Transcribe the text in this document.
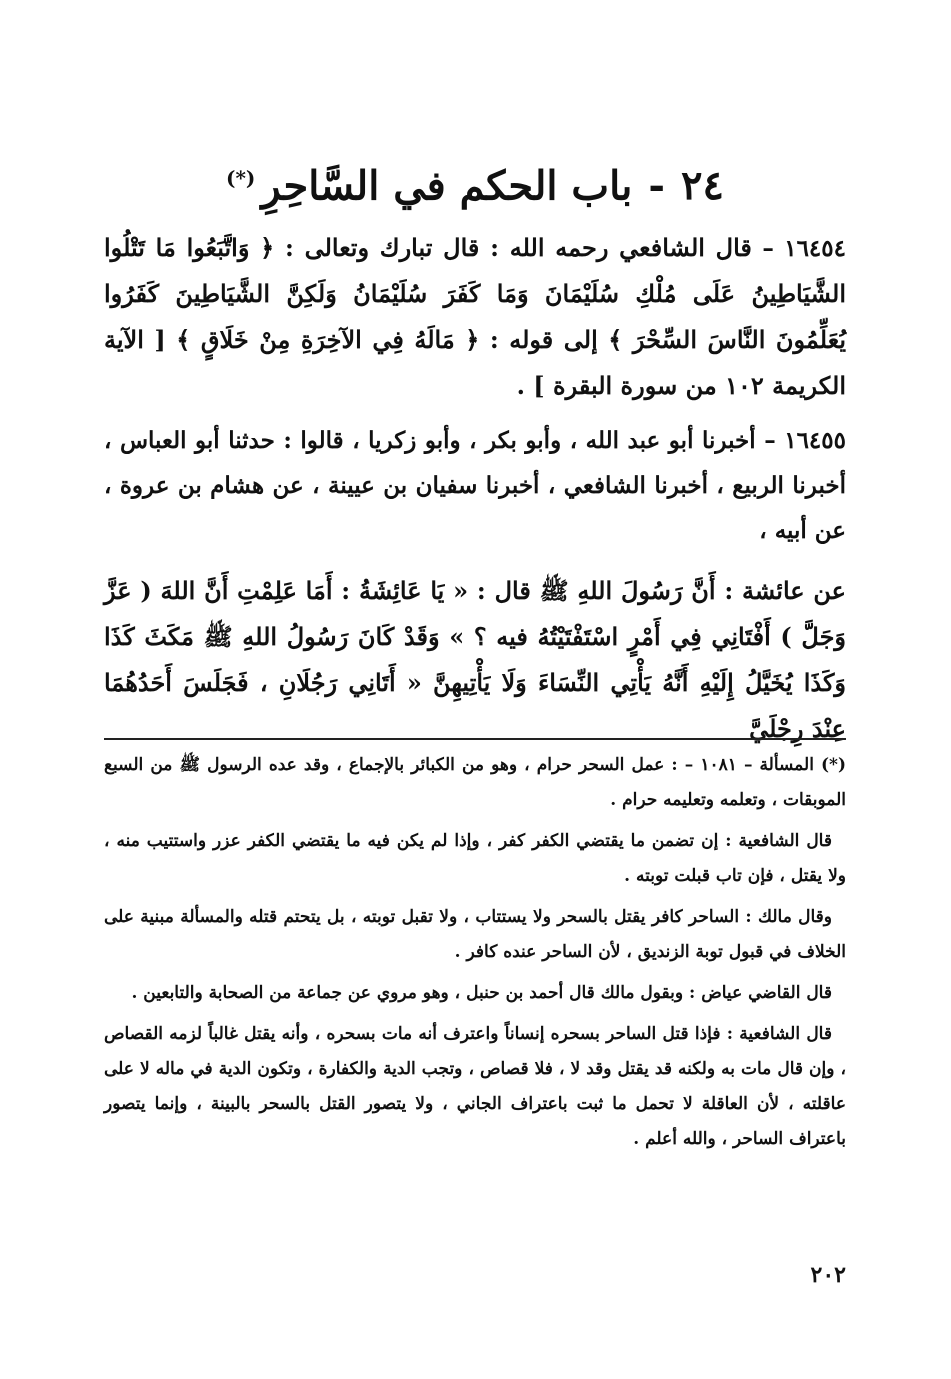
٢٤-باب الحكم في السَّاحِرِ(*)
١٦٤٥٤ – قال الشافعي رحمه الله : قال تبارك وتعالى : ﴿ وَاتَّبَعُوا مَا تَتْلُوا الشَّيَاطِينُ عَلَى مُلْكِ سُلَيْمَانَ وَمَا كَفَرَ سُلَيْمَانُ وَلَكِنَّ الشَّيَاطِينَ كَفَرُوا يُعَلِّمُونَ النَّاسَ السِّحْرَ ﴾ إلى قوله : ﴿ مَالَهُ فِي الآخِرَةِ مِنْ خَلَاقٍ ﴾ [ الآية الكريمة ١٠٢ من سورة البقرة ] .
١٦٤٥٥ – أخبرنا أبو عبد الله ، وأبو بكر ، وأبو زكريا ، قالوا : حدثنا أبو العباس ، أخبرنا الربيع ، أخبرنا الشافعي ، أخبرنا سفيان بن عيينة ، عن هشام بن عروة ، عن أبيه ،
عن عائشة : أَنَّ رَسُولَ اللهِ ﷺ قال : « يَا عَائِشَةُ : أَمَا عَلِمْتِ أَنَّ اللهَ ( عَزَّ وَجَلَّ ) أَفْتَانِي فِي أَمْرٍ اسْتَفْتَيْتُهُ فيه ؟ » وَقَدْ كَانَ رَسُولُ اللهِ ﷺ مَكَثَ كَذَا وَكَذَا يُخَيَّلُ إِلَيْهِ أَنَّهُ يَأْتِي النِّسَاءَ وَلَا يَأْتِيهِنَّ « أَتَانِي رَجُلَانِ ، فَجَلَسَ أَحَدُهُمَا عِنْدَ رِجْلَيَّ

(*) المسألة – ١٠٨١ – : عمل السحر حرام ، وهو من الكبائر بالإجماع ، وقد عده الرسول ﷺ من السبع الموبقات ، وتعلمه وتعليمه حرام .

قال الشافعية : إن تضمن ما يقتضي الكفر كفر ، وإذا لم يكن فيه ما يقتضي الكفر عزر واستتيب منه ، ولا يقتل ، فإن تاب قبلت توبته .

وقال مالك : الساحر كافر يقتل بالسحر ولا يستتاب ، ولا تقبل توبته ، بل يتحتم قتله والمسألة مبنية على الخلاف في قبول توبة الزنديق ، لأن الساحر عنده كافر .

قال القاضي عياض : وبقول مالك قال أحمد بن حنبل ، وهو مروي عن جماعة من الصحابة والتابعين .

قال الشافعية : فإذا قتل الساحر بسحره إنساناً واعترف أنه مات بسحره ، وأنه يقتل غالباً لزمه القصاص ، وإن قال مات به ولكنه قد يقتل وقد لا ، فلا قصاص ، وتجب الدية والكفارة ، وتكون الدية في ماله لا على عاقلته ، لأن العاقلة لا تحمل ما ثبت باعتراف الجاني ، ولا يتصور القتل بالسحر بالبينة ، وإنما يتصور باعتراف الساحر ، والله أعلم .

٢٠٢
